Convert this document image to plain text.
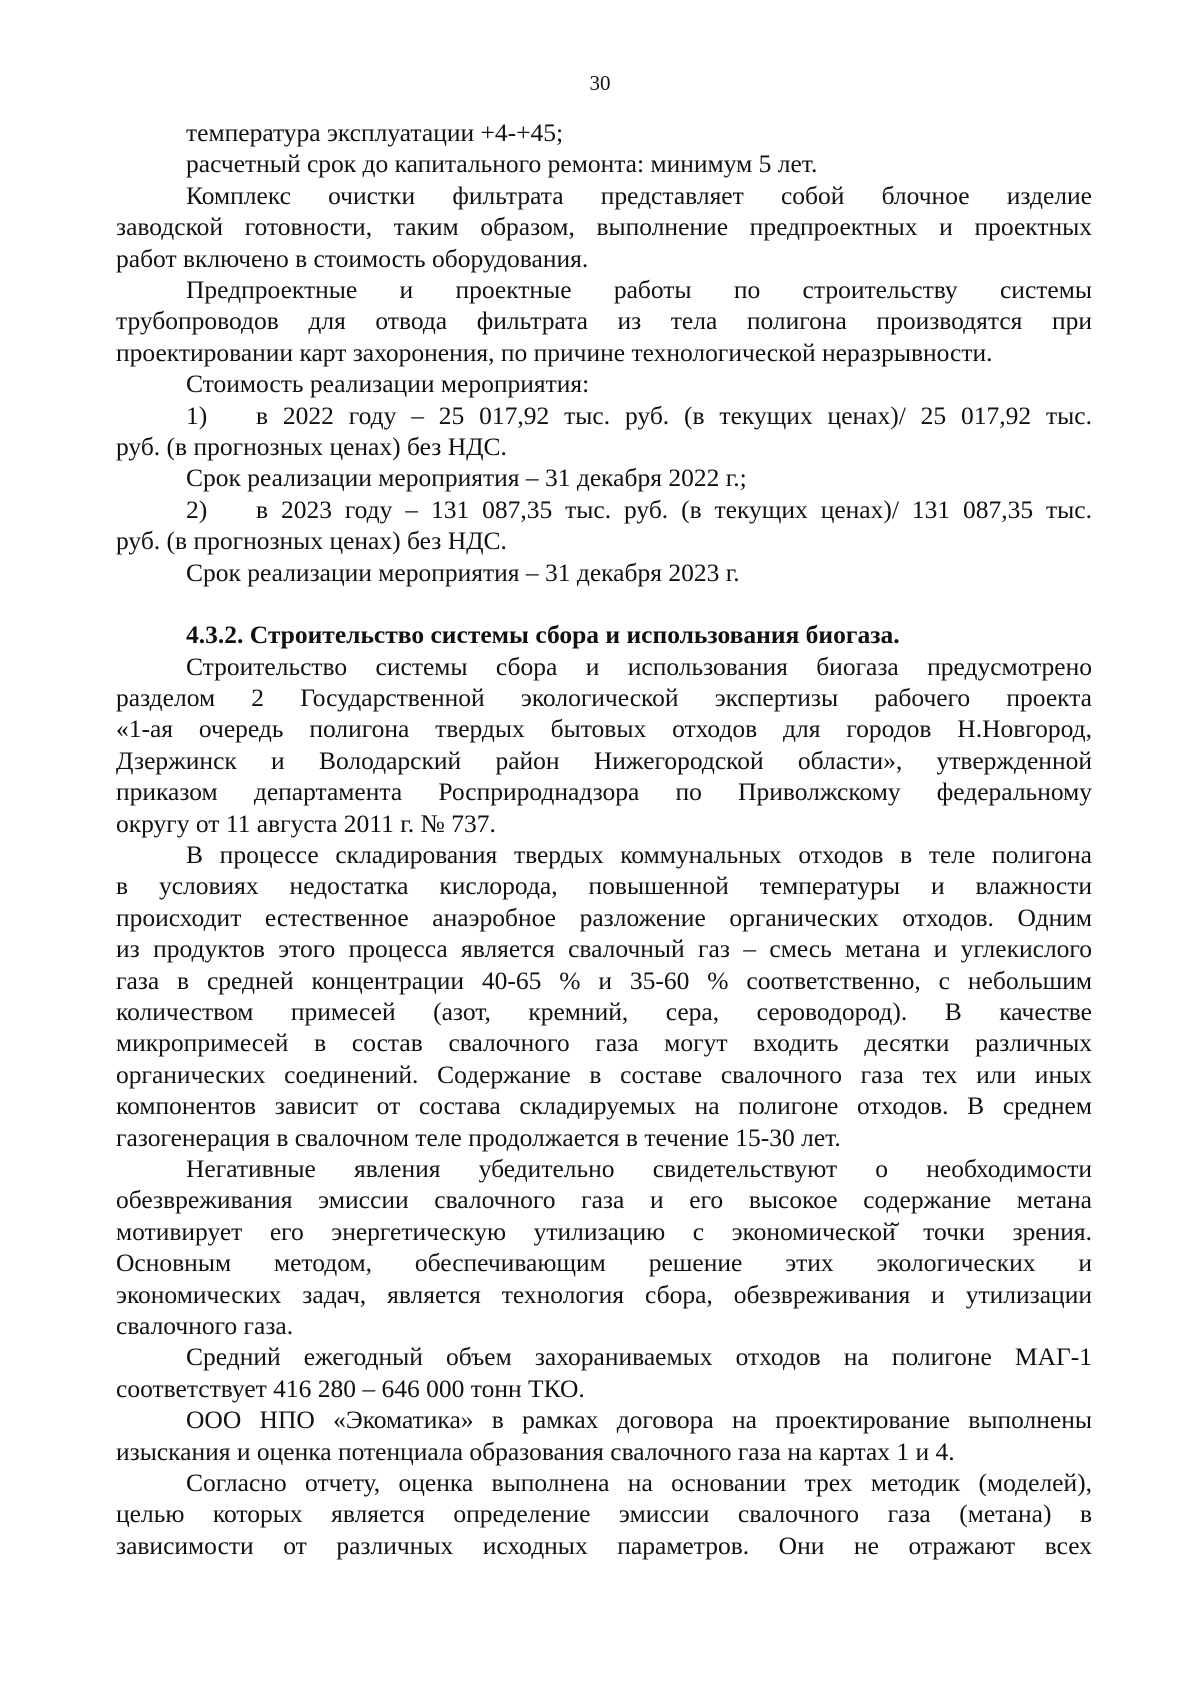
30

температура эксплуатации +4-+45;

расчетный срок до капитального ремонта: минимум 5 лет.

Комплекс очистки фильтрата представляет собой блочное изделие
заводской готовности, таким образом, выполнение предпроектных и проектных
работ включено в стоимость оборудования.

Предпроектные и проектные работы по строительству системы
трубопроводов для отвода фильтрата из тела полигона производятся при
проектировании карт захоронения, по причине технологической неразрывности.

Стоимость реализации мероприятия:

1) в 2022 году – 25 017,92 тыс. руб. (в текущих ценах)/ 25 017,92 тыс.
руб. (в прогнозных ценах) без НДС.

Срок реализации мероприятия – 31 декабря 2022 г.;

2) в 2023 году – 131 087,35 тыс. руб. (в текущих ценах)/ 131 087,35 тыс.
руб. (в прогнозных ценах) без НДС.

Срок реализации мероприятия – 31 декабря 2023 г.

4.3.2. Строительство системы сбора и использования биогаза.

Строительство системы сбора и использования биогаза предусмотрено
разделом 2 Государственной экологической экспертизы рабочего проекта
«1-ая очередь полигона твердых бытовых отходов для городов Н.Новгород,
Дзержинск и Володарский район Нижегородской области», утвержденной
приказом департамента Росприроднадзора по Приволжскому федеральному
округу от 11 августа 2011 г. № 737.

В процессе складирования твердых коммунальных отходов в теле полигона
в условиях недостатка кислорода, повышенной температуры и влажности
происходит естественное анаэробное разложение органических отходов. Одним
из продуктов этого процесса является свалочный газ – смесь метана и углекислого
газа в средней концентрации 40-65 % и 35-60 % соответственно, с небольшим
количеством примесей (азот, кремний, сера, сероводород). В качестве
микропримесей в состав свалочного газа могут входить десятки различных
органических соединений. Содержание в составе свалочного газа тех или иных
компонентов зависит от состава складируемых на полигоне отходов. В среднем
газогенерация в свалочном теле продолжается в течение 15-30 лет.

Негативные явления убедительно свидетельствуют о необходимости
обезвреживания эмиссии свалочного газа и его высокое содержание метана
мотивирует его энергетическую утилизацию с экономической̆ точки зрения.
Основным методом, обеспечивающим решение этих экологических и
экономических задач, является технология сбора, обезвреживания и утилизации
свалочного газа.

Средний ежегодный объем захораниваемых отходов на полигоне МАГ-1
соответствует 416 280 – 646 000 тонн ТКО.

ООО НПО «Экоматика» в рамках договора на проектирование выполнены
изыскания и оценка потенциала образования свалочного газа на картах 1 и 4.

Согласно отчету, оценка выполнена на основании трех методик (моделей),
целью которых является определение эмиссии свалочного газа (метана) в
зависимости от различных исходных параметров. Они не отражают всех
